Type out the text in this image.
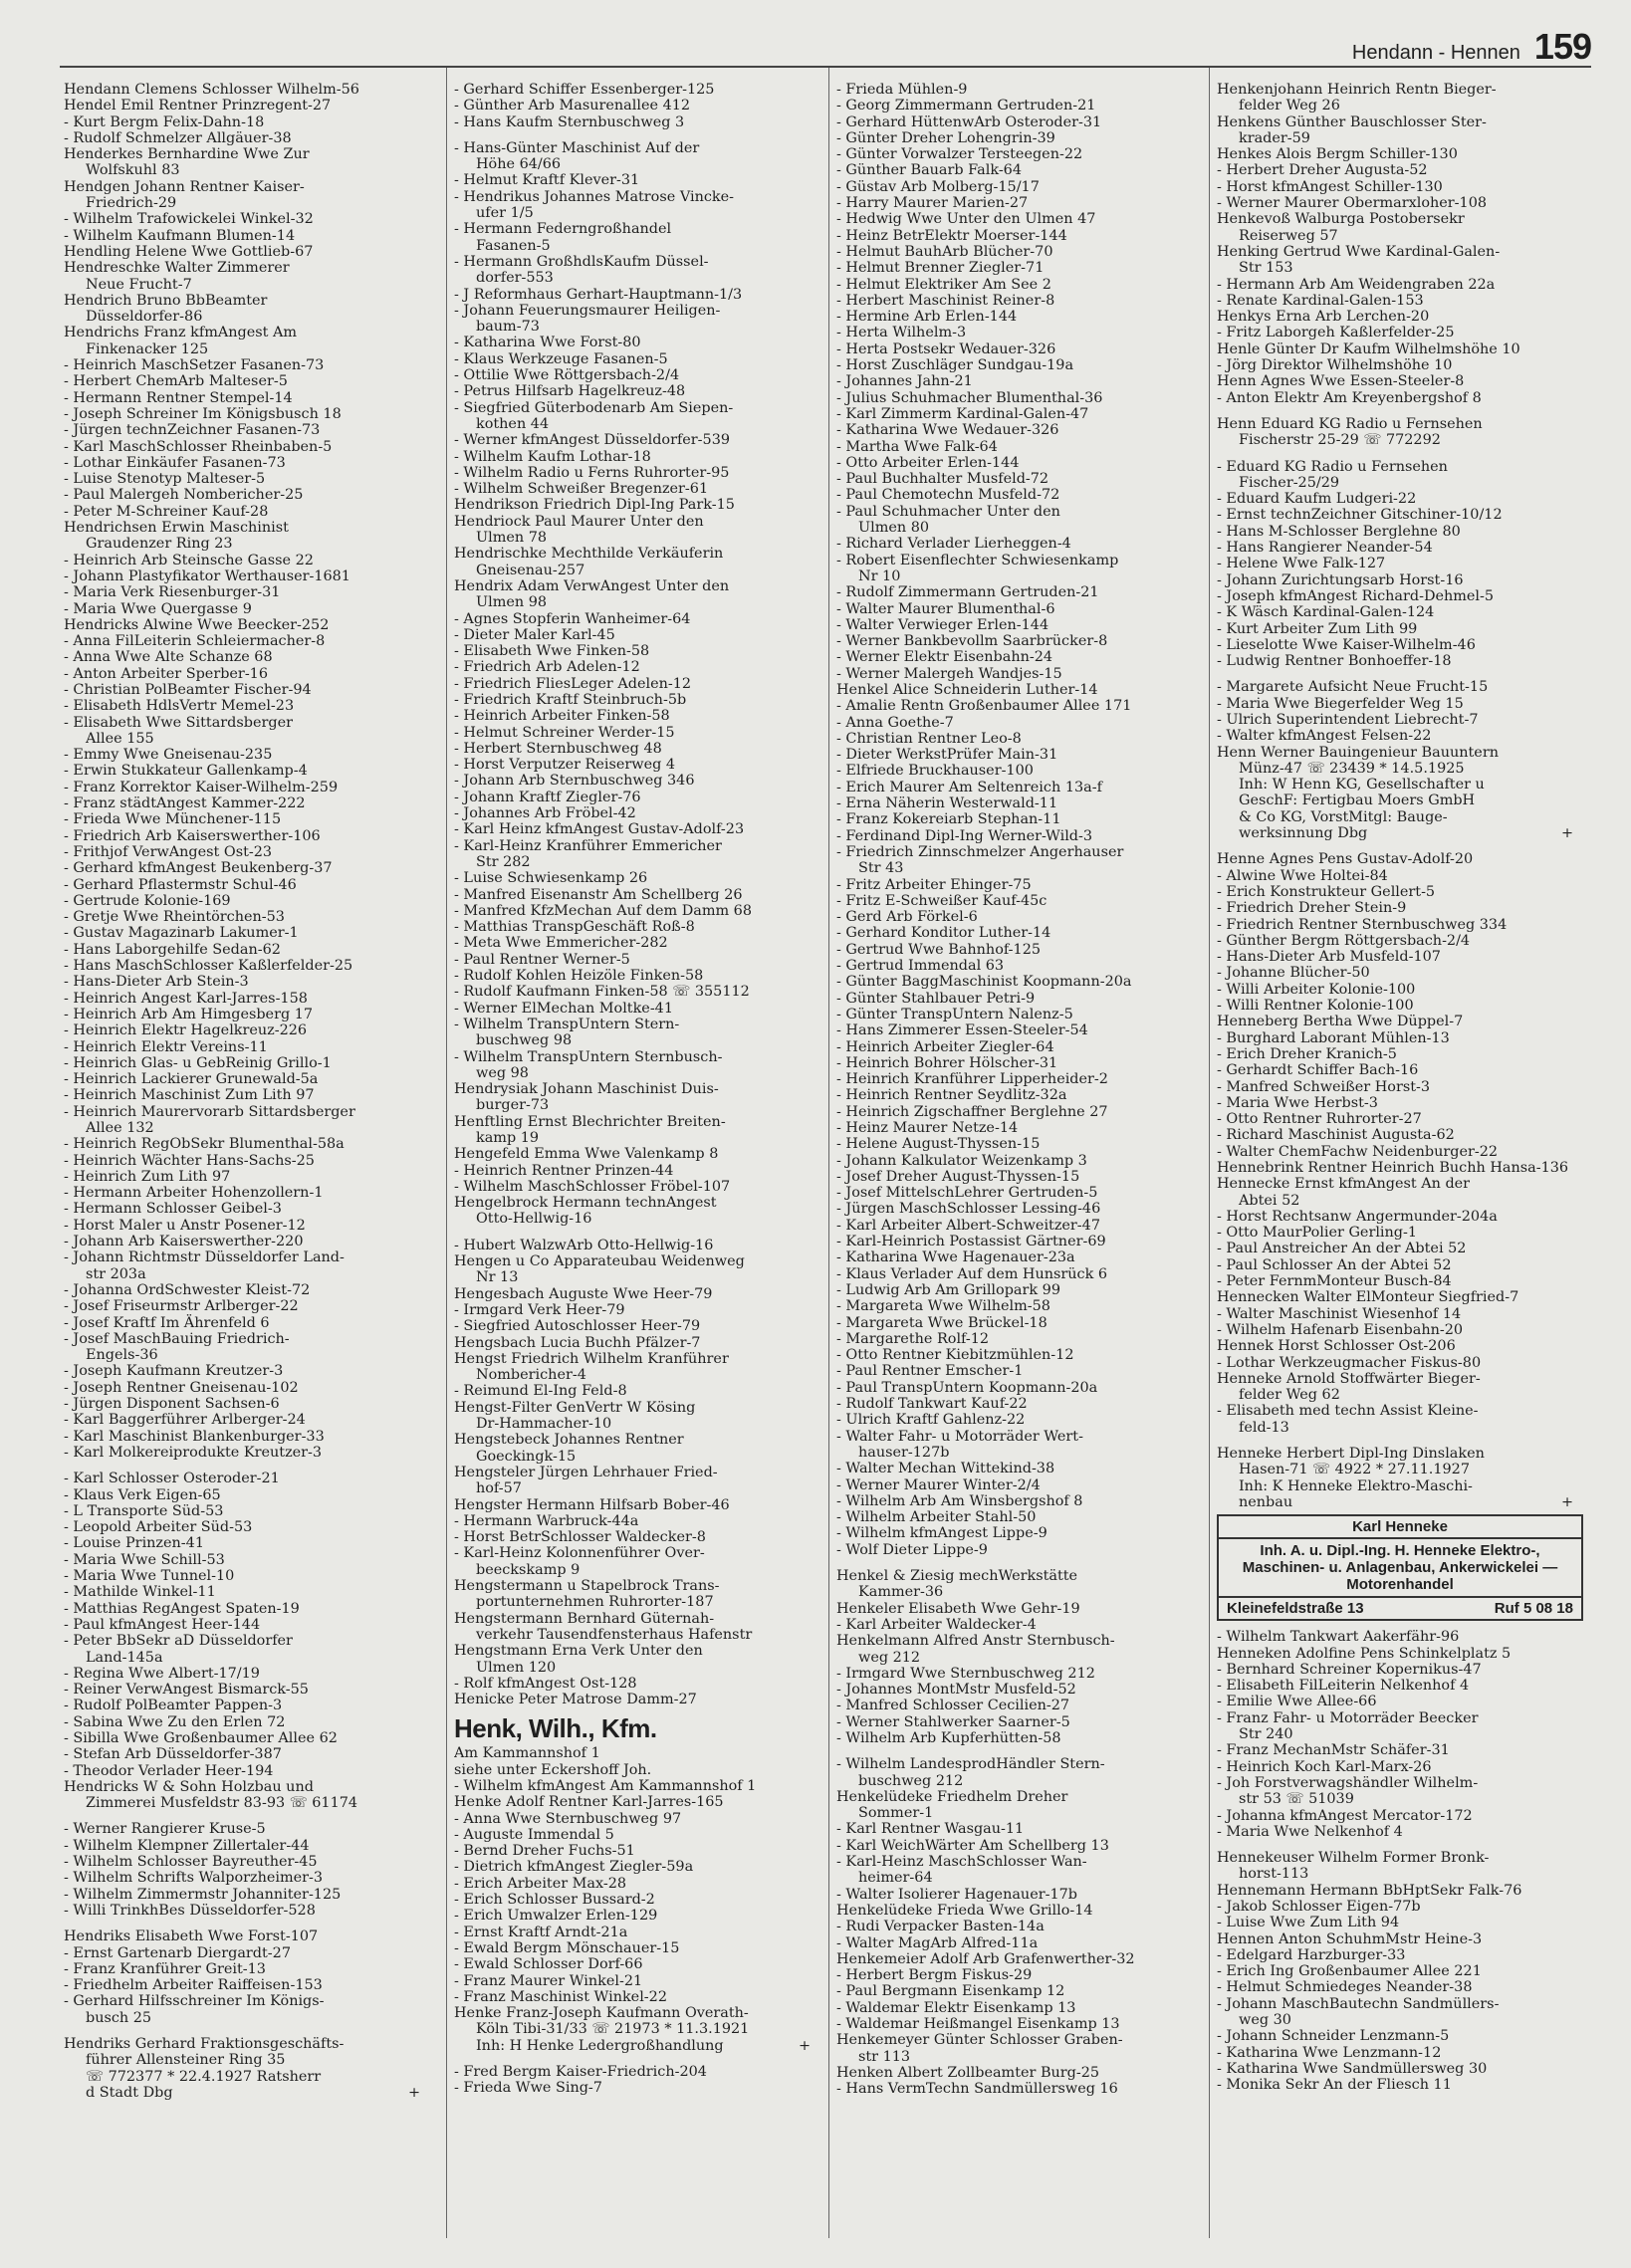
Hendann - Hennen 159
Hendann Clemens Schlosser Wilhelm-56
Hendel Emil Rentner Prinzregent-27
- Kurt Bergm Felix-Dahn-18
- Rudolf Schmelzer Allgäuer-38
Henderkes Bernhardine Wwe Zur
Wolfskuhl 83
Hendgen Johann Rentner Kaiser-
Friedrich-29
- Wilhelm Trafowickelei Winkel-32
- Wilhelm Kaufmann Blumen-14
Hendling Helene Wwe Gottlieb-67
Hendreschke Walter Zimmerer
Neue Frucht-7
Hendrich Bruno BbBeamter
Düsseldorfer-86
Hendrichs Franz kfmAngest Am
Finkenacker 125
- Heinrich MaschSetzer Fasanen-73
- Herbert ChemArb Malteser-5
- Hermann Rentner Stempel-14
- Joseph Schreiner Im Königsbusch 18
- Jürgen technZeichner Fasanen-73
- Karl MaschSchlosser Rheinbaben-5
- Lothar Einkäufer Fasanen-73
- Luise Stenotyp Malteser-5
- Paul Malergeh Nombericher-25
- Peter M-Schreiner Kauf-28
Hendrichsen Erwin Maschinist
Graudenzer Ring 23
- Heinrich Arb Steinsche Gasse 22
- Johann Plastyfikator Werthauser-1681
- Maria Verk Riesenburger-31
- Maria Wwe Quergasse 9
Hendricks Alwine Wwe Beecker-252
- Anna FilLeiterin Schleiermacher-8
- Anna Wwe Alte Schanze 68
- Anton Arbeiter Sperber-16
- Christian PolBeamter Fischer-94
- Elisabeth HdlsVertr Memel-23
- Elisabeth Wwe Sittardsberger
Allee 155
- Emmy Wwe Gneisenau-235
- Erwin Stukkateur Gallenkamp-4
- Franz Korrektor Kaiser-Wilhelm-259
- Franz städtAngest Kammer-222
- Frieda Wwe Münchener-115
- Friedrich Arb Kaiserswerther-106
- Frithjof VerwAngest Ost-23
- Gerhard kfmAngest Beukenberg-37
- Gerhard Pflastermstr Schul-46
- Gertrude Kolonie-169
- Gretje Wwe Rheintörchen-53
- Gustav Magazinarb Lakumer-1
- Hans Laborgehilfe Sedan-62
- Hans MaschSchlosser Kaßlerfelder-25
- Hans-Dieter Arb Stein-3
- Heinrich Angest Karl-Jarres-158
- Heinrich Arb Am Himgesberg 17
- Heinrich Elektr Hagelkreuz-226
- Heinrich Elektr Vereins-11
- Heinrich Glas- u GebReinig Grillo-1
- Heinrich Lackierer Grunewald-5a
- Heinrich Maschinist Zum Lith 97
- Heinrich Maurervorarb Sittardsberger
Allee 132
- Heinrich RegObSekr Blumenthal-58a
- Heinrich Wächter Hans-Sachs-25
- Heinrich Zum Lith 97
- Hermann Arbeiter Hohenzollern-1
- Hermann Schlosser Geibel-3
- Horst Maler u Anstr Posener-12
- Johann Arb Kaiserswerther-220
- Johann Richtmstr Düsseldorfer Land-
str 203a
- Johanna OrdSchwester Kleist-72
- Josef Friseurmstr Arlberger-22
- Josef Kraftf Im Ährenfeld 6
- Josef MaschBauing Friedrich-
Engels-36
- Joseph Kaufmann Kreutzer-3
- Joseph Rentner Gneisenau-102
- Jürgen Disponent Sachsen-6
- Karl Baggerführer Arlberger-24
- Karl Maschinist Blankenburger-33
- Karl Molkereiprodukte Kreutzer-3
- Karl Schlosser Osteroder-21
- Klaus Verk Eigen-65
- L Transporte Süd-53
- Leopold Arbeiter Süd-53
- Louise Prinzen-41
- Maria Wwe Schill-53
- Maria Wwe Tunnel-10
- Mathilde Winkel-11
- Matthias RegAngest Spaten-19
- Paul kfmAngest Heer-144
- Peter BbSekr aD Düsseldorfer
Land-145a
- Regina Wwe Albert-17/19
- Reiner VerwAngest Bismarck-55
- Rudolf PolBeamter Pappen-3
- Sabina Wwe Zu den Erlen 72
- Sibilla Wwe Großenbaumer Allee 62
- Stefan Arb Düsseldorfer-387
- Theodor Verlader Heer-194
Hendricks W & Sohn Holzbau und
Zimmerei Musfeldstr 83-93 ☏ 61174
- Werner Rangierer Kruse-5
- Wilhelm Klempner Zillertaler-44
- Wilhelm Schlosser Bayreuther-45
- Wilhelm Schrifts Walporzheimer-3
- Wilhelm Zimmermstr Johanniter-125
- Willi TrinkhBes Düsseldorfer-528
Hendriks Elisabeth Wwe Forst-107
- Ernst Gartenarb Diergardt-27
- Franz Kranführer Greit-13
- Friedhelm Arbeiter Raiffeisen-153
- Gerhard Hilfsschreiner Im Königs-
busch 25
Hendriks Gerhard Fraktionsgeschäfts-
führer Allensteiner Ring 35
☏ 772377 * 22.4.1927 Ratsherr
d Stadt Dbg	+
- Gerhard Schiffer Essenberger-125
- Günther Arb Masurenallee 412
- Hans Kaufm Sternbuschweg 3
- Hans-Günter Maschinist Auf der
Höhe 64/66
- Helmut Kraftf Klever-31
- Hendrikus Johannes Matrose Vincke-
ufer 1/5
- Hermann Federngroßhandel
Fasanen-5
- Hermann GroßhdlsKaufm Düssel-
dorfer-553
- J Reformhaus Gerhart-Hauptmann-1/3
- Johann Feuerungsmaurer Heiligen-
baum-73
- Katharina Wwe Forst-80
- Klaus Werkzeuge Fasanen-5
- Ottilie Wwe Röttgersbach-2/4
- Petrus Hilfsarb Hagelkreuz-48
- Siegfried Güterbodenarb Am Siepen-
kothen 44
- Werner kfmAngest Düsseldorfer-539
- Wilhelm Kaufm Lothar-18
- Wilhelm Radio u Ferns Ruhrorter-95
- Wilhelm Schweißer Bregenzer-61
Hendrikson Friedrich Dipl-Ing Park-15
Hendriock Paul Maurer Unter den
Ulmen 78
Hendrischke Mechthilde Verkäuferin
Gneisenau-257
Hendrix Adam VerwAngest Unter den
Ulmen 98
- Agnes Stopferin Wanheimer-64
- Dieter Maler Karl-45
- Elisabeth Wwe Finken-58
- Friedrich Arb Adelen-12
- Friedrich FliesLeger Adelen-12
- Friedrich Kraftf Steinbruch-5b
- Heinrich Arbeiter Finken-58
- Helmut Schreiner Werder-15
- Herbert Sternbuschweg 48
- Horst Verputzer Reiserweg 4
- Johann Arb Sternbuschweg 346
- Johann Kraftf Ziegler-76
- Johannes Arb Fröbel-42
- Karl Heinz kfmAngest Gustav-Adolf-23
- Karl-Heinz Kranführer Emmericher
Str 282
- Luise Schwiesenkamp 26
- Manfred Eisenanstr Am Schellberg 26
- Manfred KfzMechan Auf dem Damm 68
- Matthias TranspGeschäft Roß-8
- Meta Wwe Emmericher-282
- Paul Rentner Werner-5
- Rudolf Kohlen Heizöle Finken-58
- Rudolf Kaufmann Finken-58 ☏ 355112
- Werner ElMechan Moltke-41
- Wilhelm TranspUntern Stern-
buschweg 98
- Wilhelm TranspUntern Sternbusch-
weg 98
Hendrysiak Johann Maschinist Duis-
burger-73
Henftling Ernst Blechrichter Breiten-
kamp 19
Hengefeld Emma Wwe Valenkamp 8
- Heinrich Rentner Prinzen-44
- Wilhelm MaschSchlosser Fröbel-107
Hengelbrock Hermann technAngest
Otto-Hellwig-16
- Hubert WalzwArb Otto-Hellwig-16
Hengen u Co Apparateubau Weidenweg
Nr 13
Hengesbach Auguste Wwe Heer-79
- Irmgard Verk Heer-79
- Siegfried Autoschlosser Heer-79
Hengsbach Lucia Buchh Pfälzer-7
Hengst Friedrich Wilhelm Kranführer
Nombericher-4
- Reimund El-Ing Feld-8
Hengst-Filter GenVertr W Kösing
Dr-Hammacher-10
Hengstebeck Johannes Rentner
Goeckingk-15
Hengsteler Jürgen Lehrhauer Fried-
hof-57
Hengster Hermann Hilfsarb Bober-46
- Hermann Warbruck-44a
- Horst BetrSchlosser Waldecker-8
- Karl-Heinz Kolonnenführer Over-
beeckskamp 9
Hengstermann u Stapelbrock Trans-
portunternehmen Ruhrorter-187
Hengstermann Bernhard Güternah-
verkehr Tausendfensterhaus Hafenstr
Hengstmann Erna Verk Unter den
Ulmen 120
- Rolf kfmAngest Ost-128
Henicke Peter Matrose Damm-27
Henk, Wilh., Kfm.
Am Kammannshof 1
siehe unter Eckershoff Joh.
- Wilhelm kfmAngest Am Kammannshof 1
Henke Adolf Rentner Karl-Jarres-165
- Anna Wwe Sternbuschweg 97
- Auguste Immendal 5
- Bernd Dreher Fuchs-51
- Dietrich kfmAngest Ziegler-59a
- Erich Arbeiter Max-28
- Erich Schlosser Bussard-2
- Erich Umwalzer Erlen-129
- Ernst Kraftf Arndt-21a
- Ewald Bergm Mönschauer-15
- Ewald Schlosser Dorf-66
- Franz Maurer Winkel-21
- Franz Maschinist Winkel-22
Henke Franz-Joseph Kaufmann Overath-
Köln Tibi-31/33 ☏ 21973 * 11.3.1921
Inh: H Henke Ledergroßhandlung	+
- Fred Bergm Kaiser-Friedrich-204
- Frieda Wwe Sing-7
- Frieda Mühlen-9
- Georg Zimmermann Gertruden-21
- Gerhard HüttenwArb Osteroder-31
- Günter Dreher Lohengrin-39
- Günter Vorwalzer Tersteegen-22
- Günther Bauarb Falk-64
- Güstav Arb Molberg-15/17
- Harry Maurer Marien-27
- Hedwig Wwe Unter den Ulmen 47
- Heinz BetrElektr Moerser-144
- Helmut BauhArb Blücher-70
- Helmut Brenner Ziegler-71
- Helmut Elektriker Am See 2
- Herbert Maschinist Reiner-8
- Hermine Arb Erlen-144
- Herta Wilhelm-3
- Herta Postsekr Wedauer-326
- Horst Zuschläger Sundgau-19a
- Johannes Jahn-21
- Julius Schuhmacher Blumenthal-36
- Karl Zimmerm Kardinal-Galen-47
- Katharina Wwe Wedauer-326
- Martha Wwe Falk-64
- Otto Arbeiter Erlen-144
- Paul Buchhalter Musfeld-72
- Paul Chemotechn Musfeld-72
- Paul Schuhmacher Unter den
Ulmen 80
- Richard Verlader Lierheggen-4
- Robert Eisenflechter Schwiesenkamp
Nr 10
- Rudolf Zimmermann Gertruden-21
- Walter Maurer Blumenthal-6
- Walter Verwieger Erlen-144
- Werner Bankbevollm Saarbrücker-8
- Werner Elektr Eisenbahn-24
- Werner Malergeh Wandjes-15
Henkel Alice Schneiderin Luther-14
- Amalie Rentn Großenbaumer Allee 171
- Anna Goethe-7
- Christian Rentner Leo-8
- Dieter WerkstPrüfer Main-31
- Elfriede Bruckhauser-100
- Erich Maurer Am Seltenreich 13a-f
- Erna Näherin Westerwald-11
- Franz Kokereiarb Stephan-11
- Ferdinand Dipl-Ing Werner-Wild-3
- Friedrich Zinnschmelzer Angerhauser
Str 43
- Fritz Arbeiter Ehinger-75
- Fritz E-Schweißer Kauf-45c
- Gerd Arb Förkel-6
- Gerhard Konditor Luther-14
- Gertrud Wwe Bahnhof-125
- Gertrud Immendal 63
- Günter BaggMaschinist Koopmann-20a
- Günter Stahlbauer Petri-9
- Günter TranspUntern Nalenz-5
- Hans Zimmerer Essen-Steeler-54
- Heinrich Arbeiter Ziegler-64
- Heinrich Bohrer Hölscher-31
- Heinrich Kranführer Lipperheider-2
- Heinrich Rentner Seydlitz-32a
- Heinrich Zigschaffner Berglehne 27
- Heinz Maurer Netze-14
- Helene August-Thyssen-15
- Johann Kalkulator Weizenkamp 3
- Josef Dreher August-Thyssen-15
- Josef MittelschLehrer Gertruden-5
- Jürgen MaschSchlosser Lessing-46
- Karl Arbeiter Albert-Schweitzer-47
- Karl-Heinrich Postassist Gärtner-69
- Katharina Wwe Hagenauer-23a
- Klaus Verlader Auf dem Hunsrück 6
- Ludwig Arb Am Grillopark 99
- Margareta Wwe Wilhelm-58
- Margareta Wwe Brückel-18
- Margarethe Rolf-12
- Otto Rentner Kiebitzmühlen-12
- Paul Rentner Emscher-1
- Paul TranspUntern Koopmann-20a
- Rudolf Tankwart Kauf-22
- Ulrich Kraftf Gahlenz-22
- Walter Fahr- u Motorräder Wert-
hauser-127b
- Walter Mechan Wittekind-38
- Werner Maurer Winter-2/4
- Wilhelm Arb Am Winsbergshof 8
- Wilhelm Arbeiter Stahl-50
- Wilhelm kfmAngest Lippe-9
- Wolf Dieter Lippe-9
Henkel & Ziesig mechWerkstätte
Kammer-36
Henkeler Elisabeth Wwe Gehr-19
- Karl Arbeiter Waldecker-4
Henkelmann Alfred Anstr Sternbusch-
weg 212
- Irmgard Wwe Sternbuschweg 212
- Johannes MontMstr Musfeld-52
- Manfred Schlosser Cecilien-27
- Werner Stahlwerker Saarner-5
- Wilhelm Arb Kupferhütten-58
- Wilhelm LandesprodHändler Stern-
buschweg 212
Henkelüdeke Friedhelm Dreher
Sommer-1
- Karl Rentner Wasgau-11
- Karl WeichWärter Am Schellberg 13
- Karl-Heinz MaschSchlosser Wan-
heimer-64
- Walter Isolierer Hagenauer-17b
Henkelüdeke Frieda Wwe Grillo-14
- Rudi Verpacker Basten-14a
- Walter MagArb Alfred-11a
Henkemeier Adolf Arb Grafenwerther-32
- Herbert Bergm Fiskus-29
- Paul Bergmann Eisenkamp 12
- Waldemar Elektr Eisenkamp 13
- Waldemar Heißmangel Eisenkamp 13
Henkemeyer Günter Schlosser Graben-
str 113
Henken Albert Zollbeamter Burg-25
- Hans VermTechn Sandmüllersweg 16
Henkenjohann Heinrich Rentn Bieger-
felder Weg 26
Henkens Günther Bauschlosser Ster-
krader-59
Henkes Alois Bergm Schiller-130
- Herbert Dreher Augusta-52
- Horst kfmAngest Schiller-130
- Werner Maurer Obermarxloher-108
Henkevoß Walburga Postobersekr
Reiserweg 57
Henking Gertrud Wwe Kardinal-Galen-
Str 153
- Hermann Arb Am Weidengraben 22a
- Renate Kardinal-Galen-153
Henkys Erna Arb Lerchen-20
- Fritz Laborgeh Kaßlerfelder-25
Henle Günter Dr Kaufm Wilhelmshöhe 10
- Jörg Direktor Wilhelmshöhe 10
Henn Agnes Wwe Essen-Steeler-8
- Anton Elektr Am Kreyenbergshof 8
Henn Eduard KG Radio u Fernsehen
Fischerstr 25-29 ☏ 772292
- Eduard KG Radio u Fernsehen
Fischer-25/29
- Eduard Kaufm Ludgeri-22
- Ernst technZeichner Gitschiner-10/12
- Hans M-Schlosser Berglehne 80
- Hans Rangierer Neander-54
- Helene Wwe Falk-127
- Johann Zurichtungsarb Horst-16
- Joseph kfmAngest Richard-Dehmel-5
- K Wäsch Kardinal-Galen-124
- Kurt Arbeiter Zum Lith 99
- Lieselotte Wwe Kaiser-Wilhelm-46
- Ludwig Rentner Bonhoeffer-18
- Margarete Aufsicht Neue Frucht-15
- Maria Wwe Biegerfelder Weg 15
- Ulrich Superintendent Liebrecht-7
- Walter kfmAngest Felsen-22
Henn Werner Bauingenieur Bauuntern
Münz-47 ☏ 23439 * 14.5.1925
Inh: W Henn KG, Gesellschafter u
GeschF: Fertigbau Moers GmbH
& Co KG, VorstMitgl: Bauge-
werksinnung Dbg	+
Henne Agnes Pens Gustav-Adolf-20
- Alwine Wwe Holtei-84
- Erich Konstrukteur Gellert-5
- Friedrich Dreher Stein-9
- Friedrich Rentner Sternbuschweg 334
- Günther Bergm Röttgersbach-2/4
- Hans-Dieter Arb Musfeld-107
- Johanne Blücher-50
- Willi Arbeiter Kolonie-100
- Willi Rentner Kolonie-100
Henneberg Bertha Wwe Düppel-7
- Burghard Laborant Mühlen-13
- Erich Dreher Kranich-5
- Gerhardt Schiffer Bach-16
- Manfred Schweißer Horst-3
- Maria Wwe Herbst-3
- Otto Rentner Ruhrorter-27
- Richard Maschinist Augusta-62
- Walter ChemFachw Neidenburger-22
Hennebrink Rentner Heinrich Buchh Hansa-136
Hennecke Ernst kfmAngest An der
Abtei 52
- Horst Rechtsanw Angermunder-204a
- Otto MaurPolier Gerling-1
- Paul Anstreicher An der Abtei 52
- Paul Schlosser An der Abtei 52
- Peter FernmMonteur Busch-84
Hennecken Walter ElMonteur Siegfried-7
- Walter Maschinist Wiesenhof 14
- Wilhelm Hafenarb Eisenbahn-20
Hennek Horst Schlosser Ost-206
- Lothar Werkzeugmacher Fiskus-80
Henneke Arnold Stoffwärter Bieger-
felder Weg 62
- Elisabeth med techn Assist Kleine-
feld-13
Henneke Herbert Dipl-Ing Dinslaken
Hasen-71 ☏ 4922 * 27.11.1927
Inh: K Henneke Elektro-Maschi-
nenbau	+
Karl Henneke
Inh. A. u. Dipl.-Ing. H. Henneke Elektro-, Maschinen- u. Anlagenbau, Ankerwickelei — Motorenhandel
Kleinefeldstraße 13	Ruf 5 08 18
- Wilhelm Tankwart Aakerfähr-96
Henneken Adolfine Pens Schinkelplatz 5
- Bernhard Schreiner Kopernikus-47
- Elisabeth FilLeiterin Nelkenhof 4
- Emilie Wwe Allee-66
- Franz Fahr- u Motorräder Beecker
Str 240
- Franz MechanMstr Schäfer-31
- Heinrich Koch Karl-Marx-26
- Joh Forstverwagshändler Wilhelm-
str 53 ☏ 51039
- Johanna kfmAngest Mercator-172
- Maria Wwe Nelkenhof 4
Hennekeuser Wilhelm Former Bronk-
horst-113
Hennemann Hermann BbHptSekr Falk-76
- Jakob Schlosser Eigen-77b
- Luise Wwe Zum Lith 94
Hennen Anton SchuhmMstr Heine-3
- Edelgard Harzburger-33
- Erich Ing Großenbaumer Allee 221
- Helmut Schmiedeges Neander-38
- Johann MaschBautechn Sandmüllers-
weg 30
- Johann Schneider Lenzmann-5
- Katharina Wwe Lenzmann-12
- Katharina Wwe Sandmüllersweg 30
- Monika Sekr An der Fliesch 11
